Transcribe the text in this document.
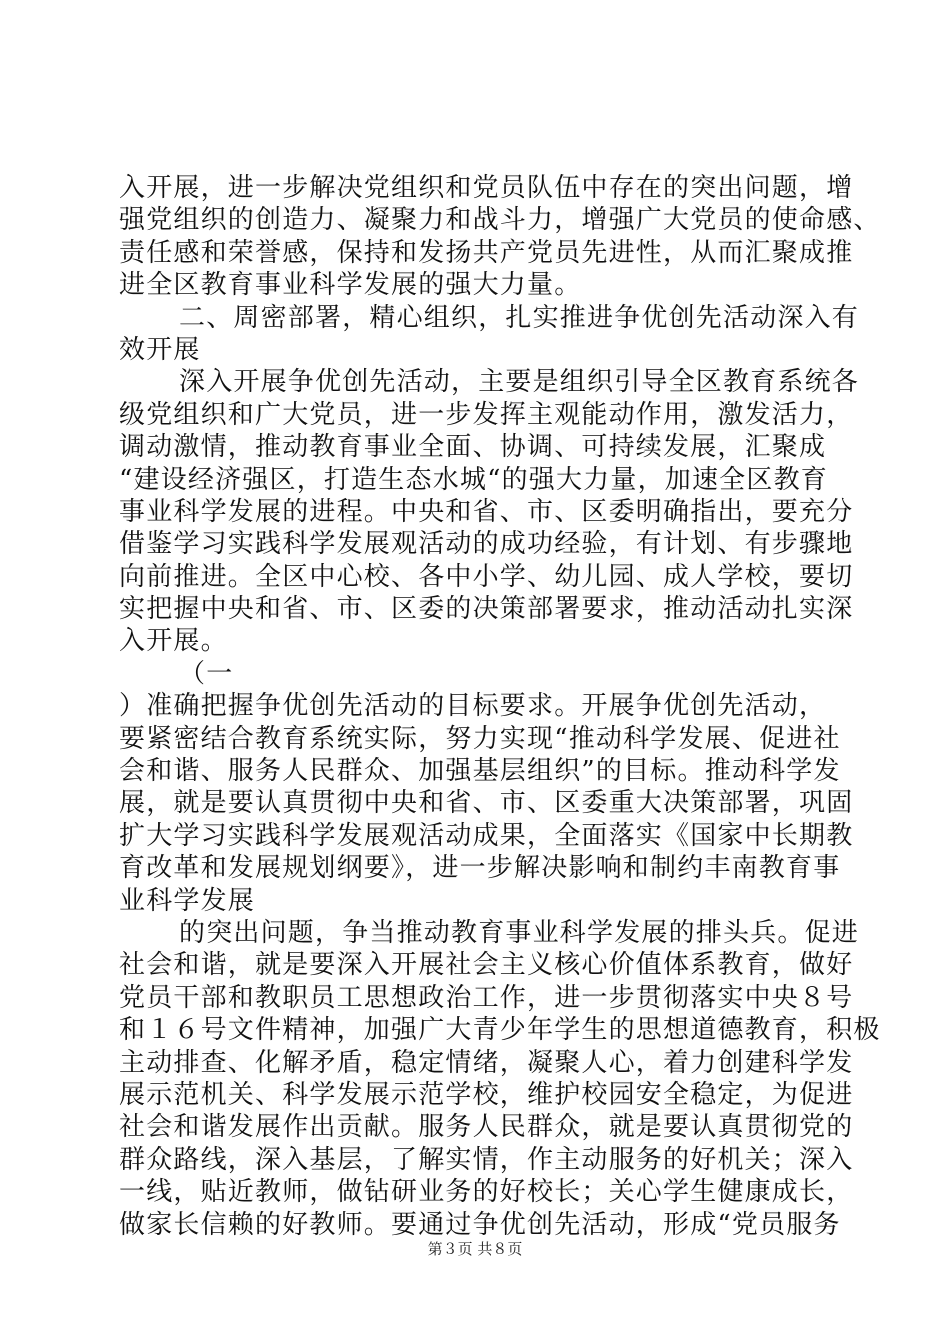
入开展，进一步解决党组织和党员队伍中存在的突出问题，增
强党组织的创造力、凝聚力和战斗力，增强广大党员的使命感、
责任感和荣誉感，保持和发扬共产党员先进性，从而汇聚成推
进全区教育事业科学发展的强大力量。
二、周密部署，精心组织，扎实推进争优创先活动深入有
效开展
深入开展争优创先活动，主要是组织引导全区教育系统各
级党组织和广大党员，进一步发挥主观能动作用，激发活力，
调动激情，推动教育事业全面、协调、可持续发展，汇聚成
“建设经济强区，打造生态水城“的强大力量，加速全区教育
事业科学发展的进程。中央和省、市、区委明确指出，要充分
借鉴学习实践科学发展观活动的成功经验，有计划、有步骤地
向前推进。全区中心校、各中小学、幼儿园、成人学校，要切
实把握中央和省、市、区委的决策部署要求，推动活动扎实深
入开展。
（一
）准确把握争优创先活动的目标要求。开展争优创先活动，
要紧密结合教育系统实际，努力实现“推动科学发展、促进社
会和谐、服务人民群众、加强基层组织”的目标。推动科学发
展，就是要认真贯彻中央和省、市、区委重大决策部署，巩固
扩大学习实践科学发展观活动成果，全面落实《国家中长期教
育改革和发展规划纲要》，进一步解决影响和制约丰南教育事
业科学发展
的突出问题，争当推动教育事业科学发展的排头兵。促进
社会和谐，就是要深入开展社会主义核心价值体系教育，做好
党员干部和教职员工思想政治工作，进一步贯彻落实中央８号
和１６号文件精神，加强广大青少年学生的思想道德教育，积极
主动排查、化解矛盾，稳定情绪，凝聚人心，着力创建科学发
展示范机关、科学发展示范学校，维护校园安全稳定，为促进
社会和谐发展作出贡献。服务人民群众，就是要认真贯彻党的
群众路线，深入基层，了解实情，作主动服务的好机关；深入
一线，贴近教师，做钻研业务的好校长；关心学生健康成长，
做家长信赖的好教师。要通过争优创先活动，形成“党员服务
第３页 共８页
